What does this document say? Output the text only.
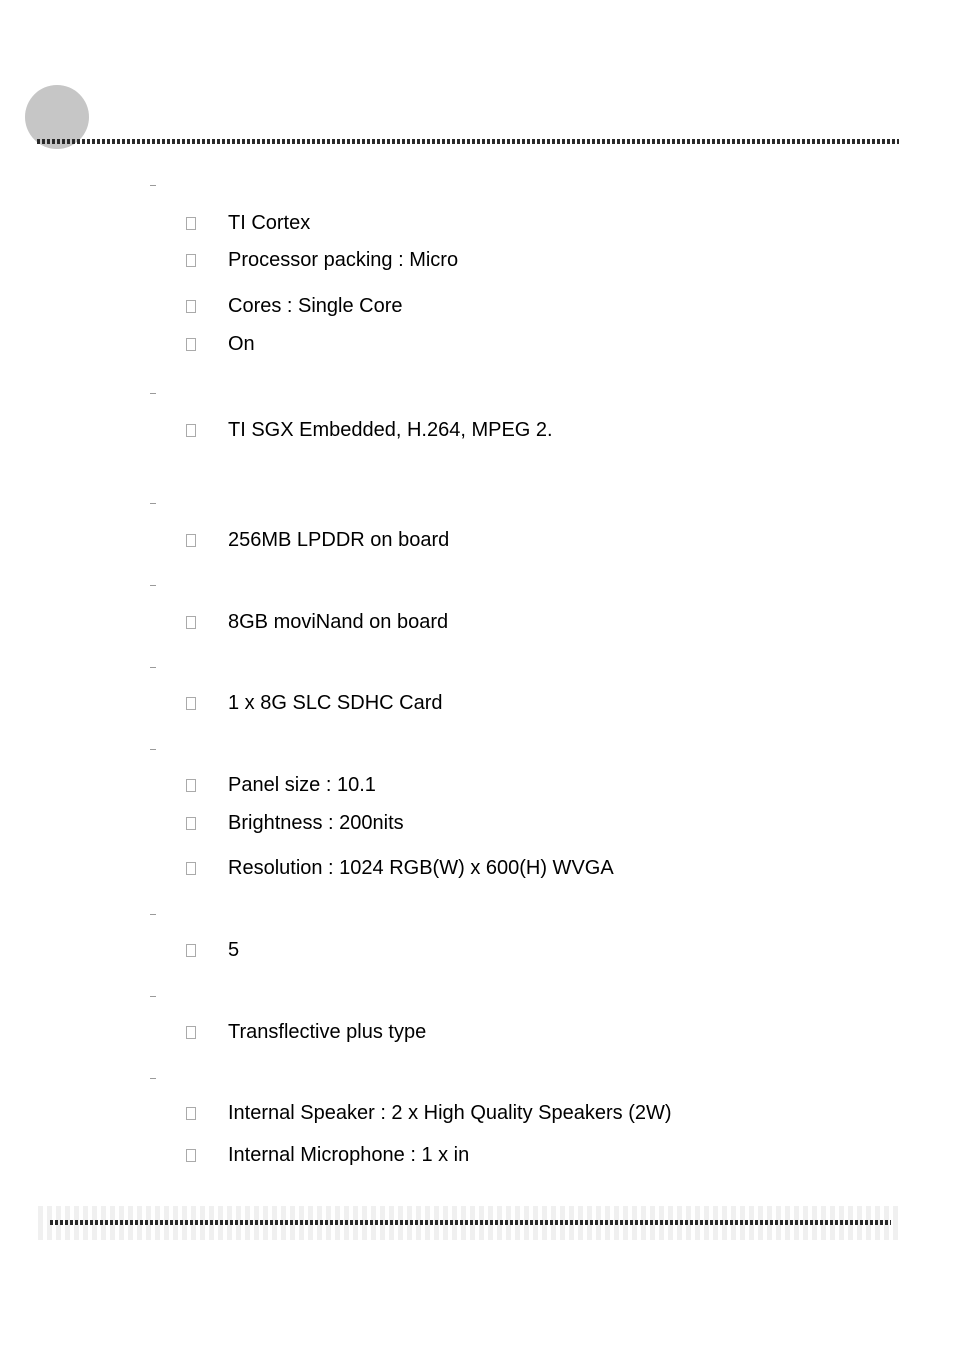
TI Cortex
Processor packing : Micro
Cores : Single Core
On
TI SGX Embedded, H.264, MPEG 2.
256MB LPDDR on board
8GB moviNand on board
1 x 8G SLC SDHC Card
Panel size : 10.1
Brightness : 200nits
Resolution : 1024 RGB(W) x 600(H) WVGA
5
Transflective plus type
Internal Speaker : 2 x High Quality Speakers (2W)
Internal Microphone : 1 x in
